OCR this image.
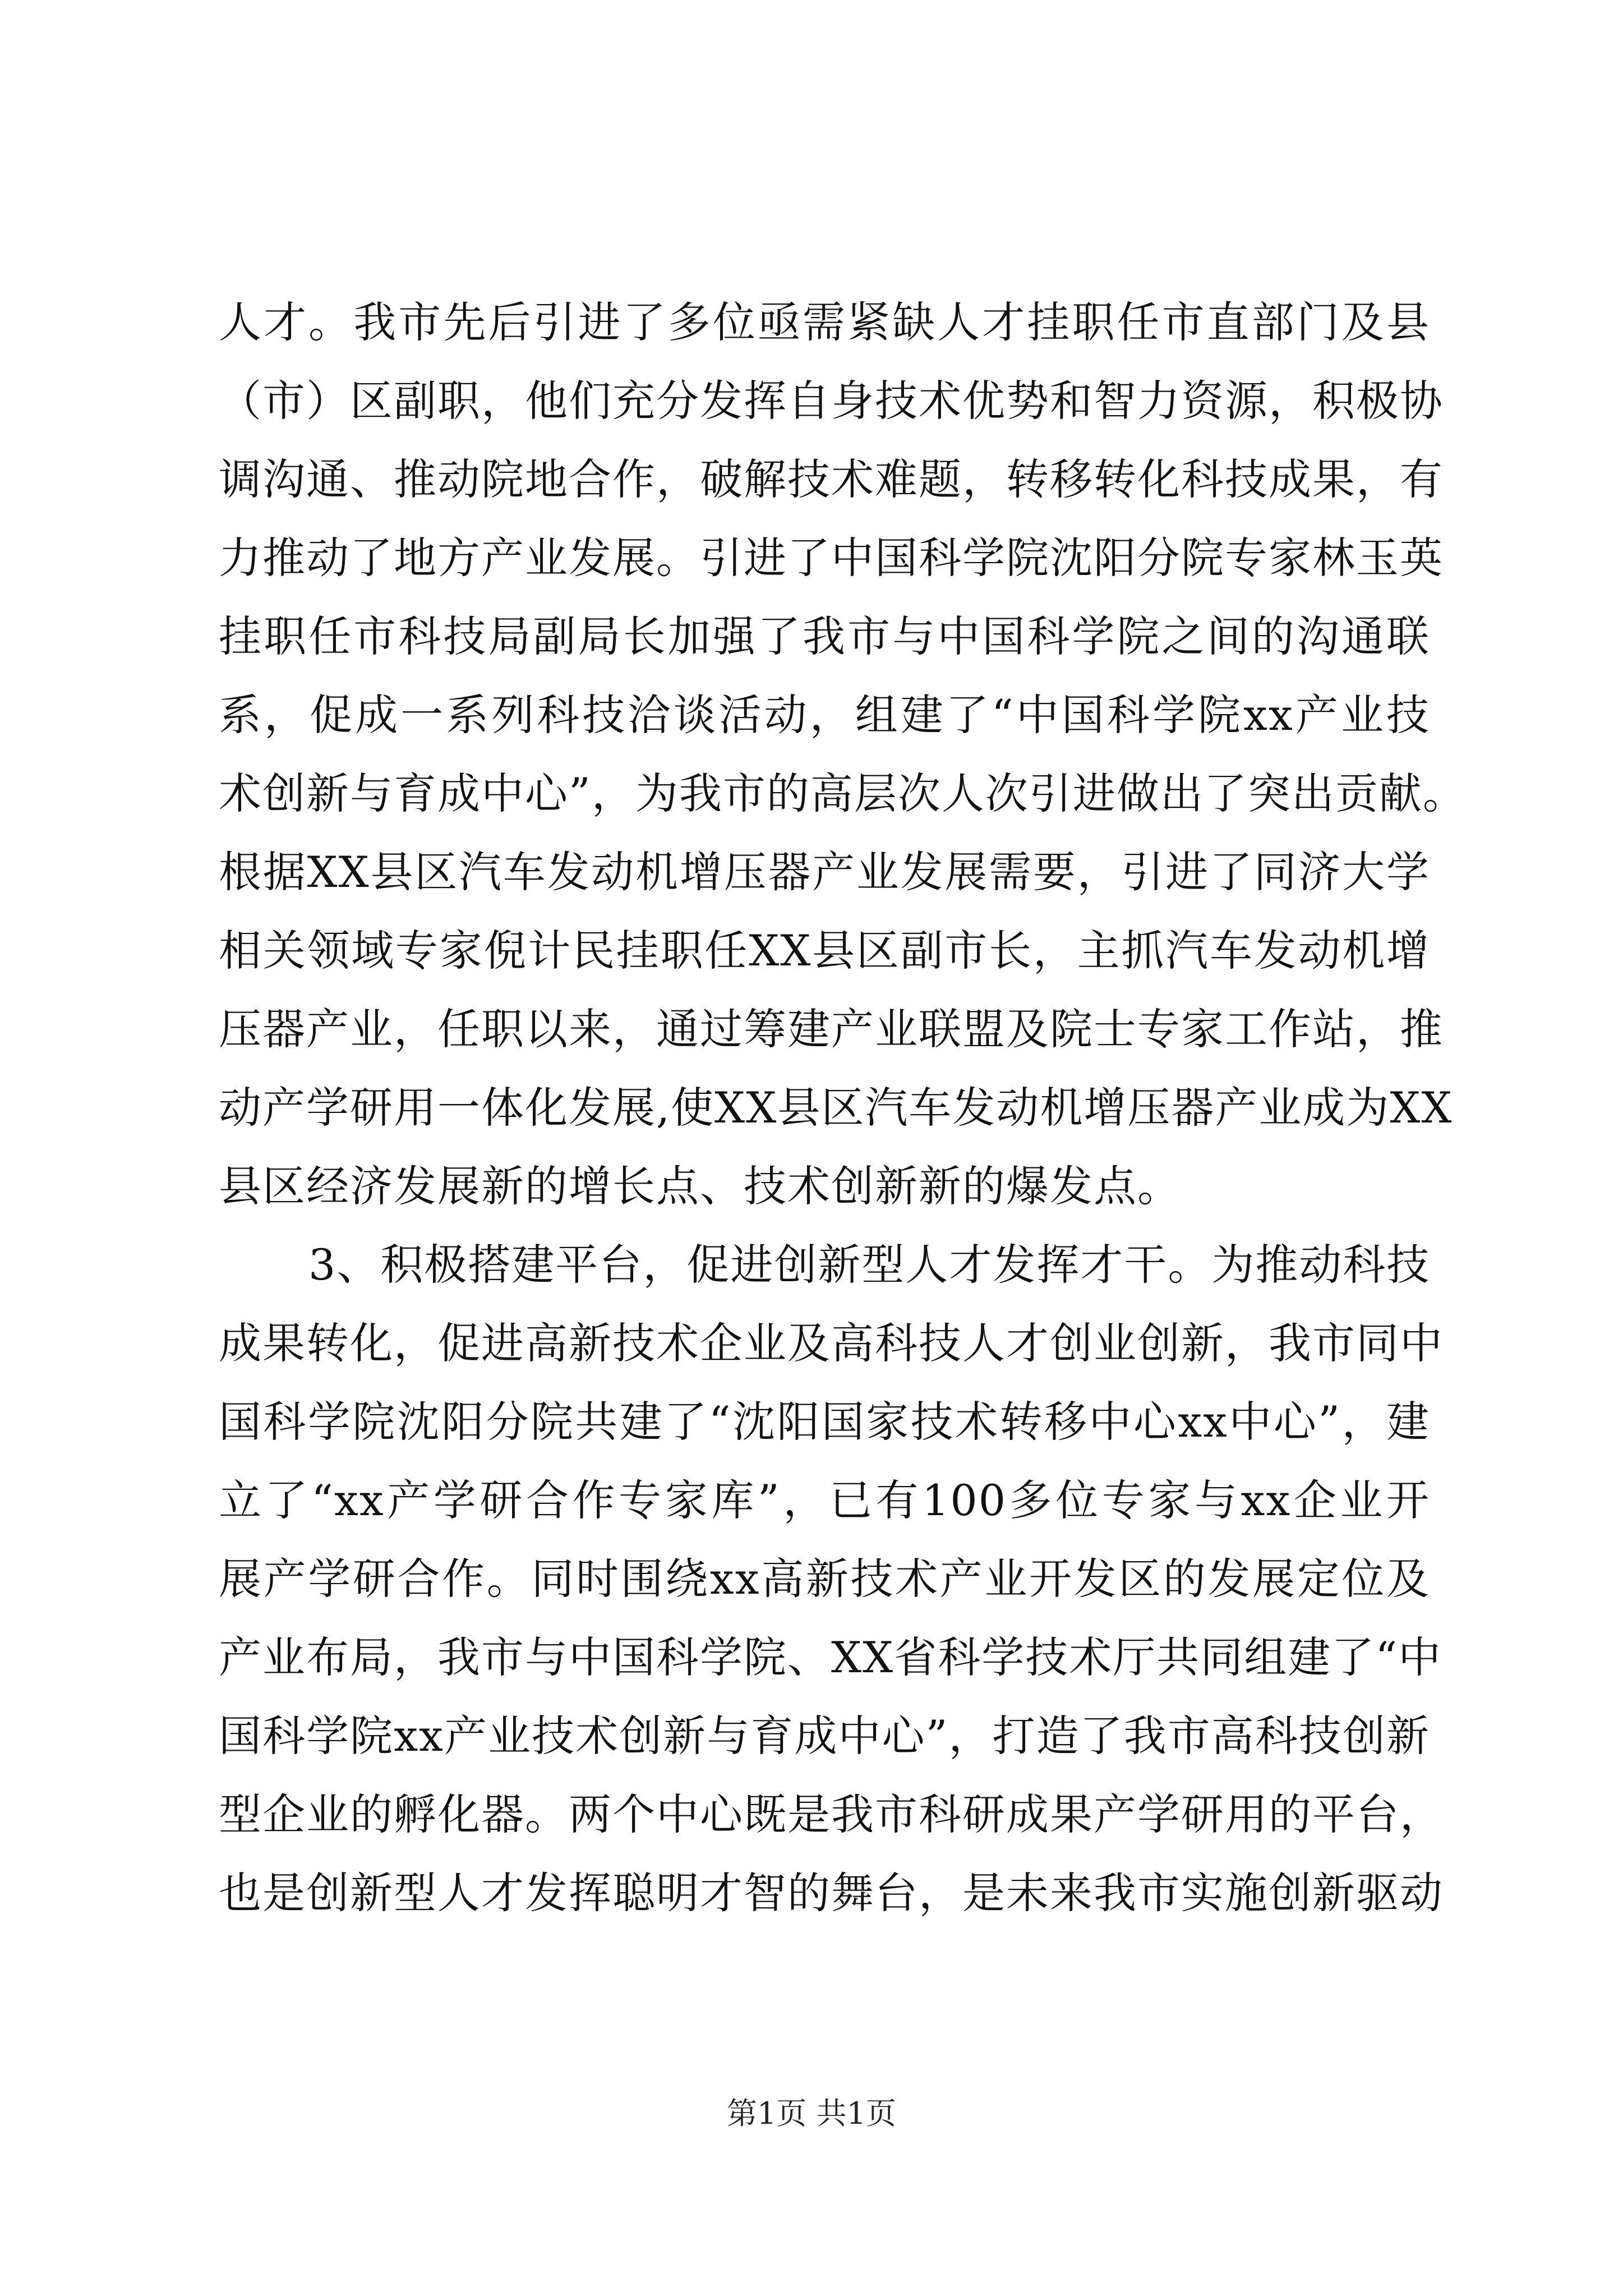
人才。我市先后引进了多位亟需紧缺人才挂职任市直部门及县
（市）区副职，他们充分发挥自身技术优势和智力资源，积极协
调沟通、推动院地合作，破解技术难题，转移转化科技成果，有
力推动了地方产业发展。引进了中国科学院沈阳分院专家林玉英
挂职任市科技局副局长加强了我市与中国科学院之间的沟通联
系，促成一系列科技洽谈活动，组建了“中国科学院xx产业技
术创新与育成中心”，为我市的高层次人次引进做出了突出贡献。
根据XX县区汽车发动机增压器产业发展需要，引进了同济大学
相关领域专家倪计民挂职任XX县区副市长，主抓汽车发动机增
压器产业，任职以来，通过筹建产业联盟及院士专家工作站，推
动产学研用一体化发展,使XX县区汽车发动机增压器产业成为XX
县区经济发展新的增长点、技术创新新的爆发点。
3、积极搭建平台，促进创新型人才发挥才干。为推动科技
成果转化，促进高新技术企业及高科技人才创业创新，我市同中
国科学院沈阳分院共建了“沈阳国家技术转移中心xx中心”，建
立了“xx产学研合作专家库”，已有100多位专家与xx企业开
展产学研合作。同时围绕xx高新技术产业开发区的发展定位及
产业布局，我市与中国科学院、XX省科学技术厅共同组建了“中
国科学院xx产业技术创新与育成中心”，打造了我市高科技创新
型企业的孵化器。两个中心既是我市科研成果产学研用的平台，
也是创新型人才发挥聪明才智的舞台，是未来我市实施创新驱动
第1页 共1页
